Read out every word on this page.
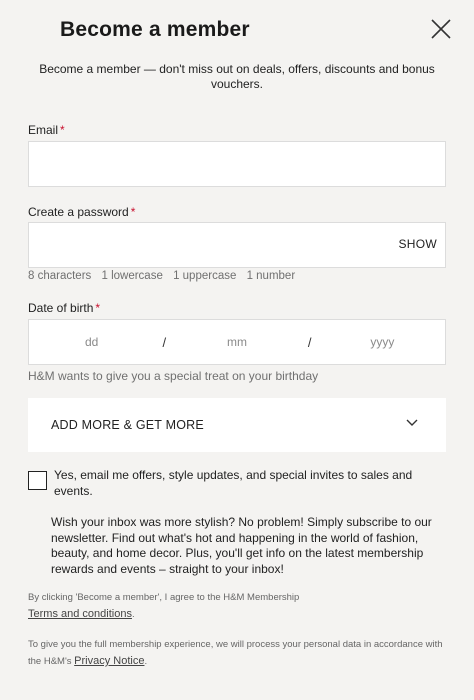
Become a member
Become a member — don't miss out on deals, offers, discounts and bonus vouchers.
Email *
Create a password *
SHOW
8 characters 1 lowercase 1 uppercase 1 number
Date of birth *
dd
/
mm	/
yyyy
H&M wants to give you a special treat on your birthday
ADD MORE & GET MORE
Yes, email me offers, style updates, and special invites to sales and events.
Wish your inbox was more stylish? No problem! Simply subscribe to our newsletter. Find out what's hot and happening in the world of fashion, beauty, and home decor. Plus, you'll get info on the latest membership rewards and events – straight to your inbox!
By clicking 'Become a member', I agree to the H&M Membership
Terms and conditions.
To give you the full membership experience, we will process your personal data in accordance with the H&M's Privacy Notice.
